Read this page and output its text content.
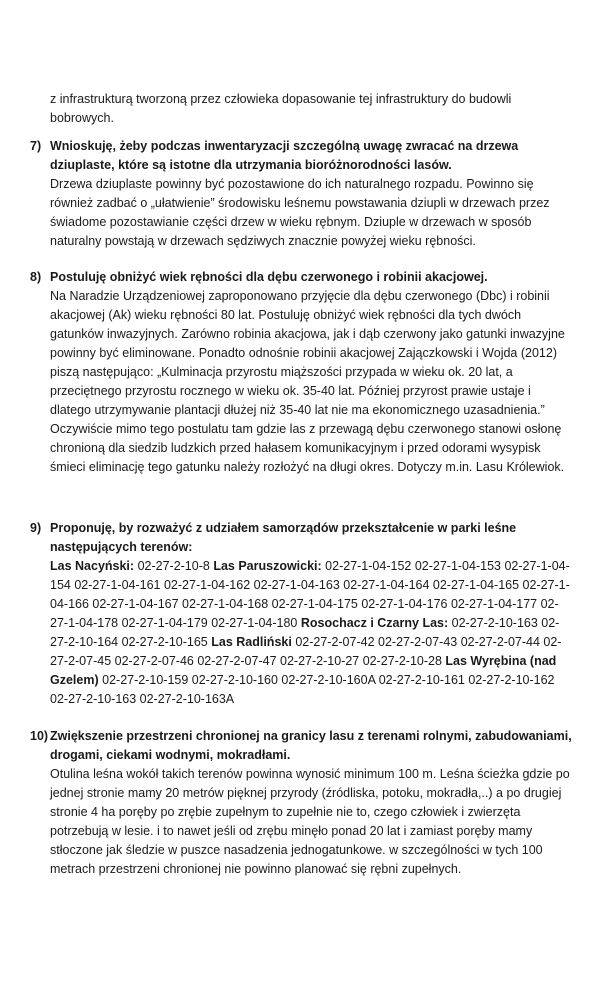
z infrastrukturą tworzoną przez człowieka dopasowanie tej infrastruktury do budowli bobrowych.
7) Wnioskuję, żeby podczas inwentaryzacji szczególną uwagę zwracać na drzewa dziuplaste, które są istotne dla utrzymania bioróżnorodności lasów.
Drzewa dziuplaste powinny być pozostawione do ich naturalnego rozpadu. Powinno się również zadbać o „ułatwienie” środowisku leśnemu powstawania dziupli w drzewach przez świadome pozostawianie części drzew w wieku rębnym. Dziuple w drzewach w sposób naturalny powstają w drzewach sędziwych znacznie powyżej wieku rębności.
8) Postuluję obniżyć wiek rębności dla dębu czerwonego i robinii akacjowej.
Na Naradzie Urządzeniowej zaproponowano przyjęcie dla dębu czerwonego (Dbc) i robinii akacjowej (Ak) wieku rębności 80 lat. Postuluję obniżyć wiek rębności dla tych dwóch gatunków inwazyjnych. Zarówno robinia akacjowa, jak i dąb czerwony jako gatunki inwazyjne powinny być eliminowane. Ponadto odnośnie robinii akacjowej Zajączkowski i Wojda (2012) piszą następująco: „Kulminacja przyrostu miąższości przypada w wieku ok. 20 lat, a przeciętnego przyrostu rocznego w wieku ok. 35-40 lat. Później przyrost prawie ustaje i dlatego utrzymywanie plantacji dłużej niż 35-40 lat nie ma ekonomicznego uzasadnienia.” Oczywiście mimo tego postulatu tam gdzie las z przewagą dębu czerwonego stanowi osłonę chronioną dla siedzib ludzkich przed hałasem komunikacyjnym i przed odorami wysypisk śmieci eliminację tego gatunku należy rozłożyć na długi okres. Dotyczy m.in. Lasu Królewiok.
9) Proponuję, by rozważyć z udziałem samorządów przekształcenie w parki leśne następujących terenów:
Las Nacyński: 02-27-2-10-8 Las Paruszowicki: 02-27-1-04-152 02-27-1-04-153 02-27-1-04-154 02-27-1-04-161 02-27-1-04-162 02-27-1-04-163 02-27-1-04-164 02-27-1-04-165 02-27-1-04-166 02-27-1-04-167 02-27-1-04-168 02-27-1-04-175 02-27-1-04-176 02-27-1-04-177 02-27-1-04-178 02-27-1-04-179 02-27-1-04-180 Rosochacz i Czarny Las: 02-27-2-10-163 02-27-2-10-164 02-27-2-10-165 Las Radliński 02-27-2-07-42 02-27-2-07-43 02-27-2-07-44 02-27-2-07-45 02-27-2-07-46 02-27-2-07-47 02-27-2-10-27 02-27-2-10-28 Las Wyrębina (nad Gzelem) 02-27-2-10-159 02-27-2-10-160 02-27-2-10-160A 02-27-2-10-161 02-27-2-10-162 02-27-2-10-163 02-27-2-10-163A
10) Zwiększenie przestrzeni chronionej na granicy lasu z terenami rolnymi, zabudowaniami, drogami, ciekami wodnymi, mokradłami.
Otulina leśna wokół takich terenów powinna wynosić minimum 100 m. Leśna ścieżka gdzie po jednej stronie mamy 20 metrów pięknej przyrody (źródliska, potoku, mokradła,..) a po drugiej stronie 4 ha poręby po zrębie zupełnym to zupełnie nie to, czego człowiek i zwierzęta potrzebują w lesie. i to nawet jeśli od zrębu minęło ponad 20 lat i zamiast poręby mamy stłoczone jak śledzie w puszce nasadzenia jednogatunkowe. w szczególności w tych 100 metrach przestrzeni chronionej nie powinno planować się rębni zupełnych.
